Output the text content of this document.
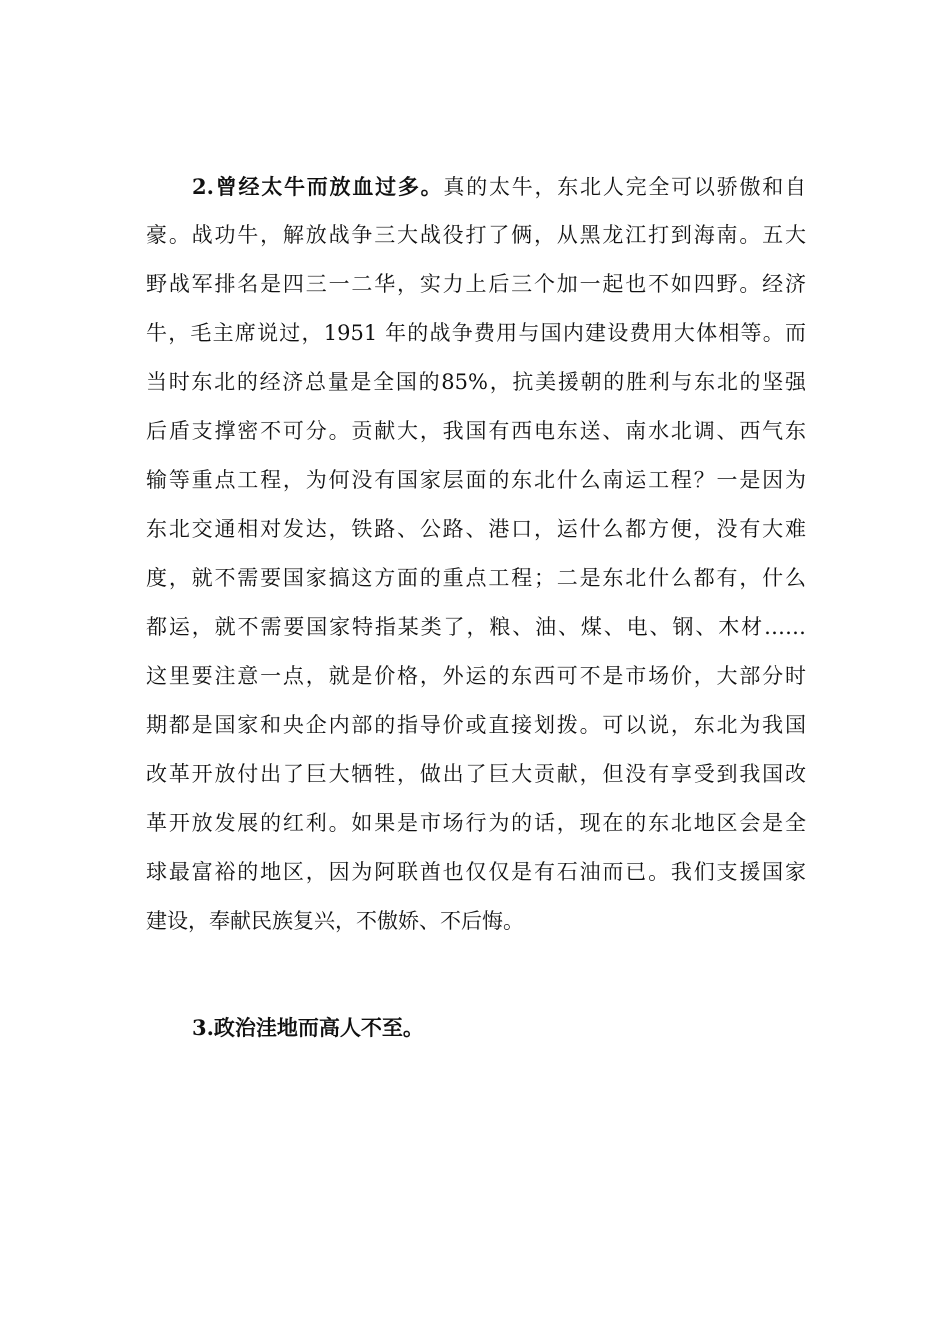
2.曾经太牛而放血过多。真的太牛，东北人完全可以骄傲和自
豪。战功牛，解放战争三大战役打了俩，从黑龙江打到海南。五大
野战军排名是四三一二华，实力上后三个加一起也不如四野。经济
牛，毛主席说过，1951 年的战争费用与国内建设费用大体相等。而
当时东北的经济总量是全国的85%，抗美援朝的胜利与东北的坚强
后盾支撑密不可分。贡献大，我国有西电东送、南水北调、西气东
输等重点工程，为何没有国家层面的东北什么南运工程？一是因为
东北交通相对发达，铁路、公路、港口，运什么都方便，没有大难
度，就不需要国家搞这方面的重点工程；二是东北什么都有，什么
都运，就不需要国家特指某类了，粮、油、煤、电、钢、木材……
这里要注意一点，就是价格，外运的东西可不是市场价，大部分时
期都是国家和央企内部的指导价或直接划拨。可以说，东北为我国
改革开放付出了巨大牺牲，做出了巨大贡献，但没有享受到我国改
革开放发展的红利。如果是市场行为的话，现在的东北地区会是全
球最富裕的地区，因为阿联酋也仅仅是有石油而已。我们支援国家
建设，奉献民族复兴，不傲娇、不后悔。
3.政治洼地而高人不至。
